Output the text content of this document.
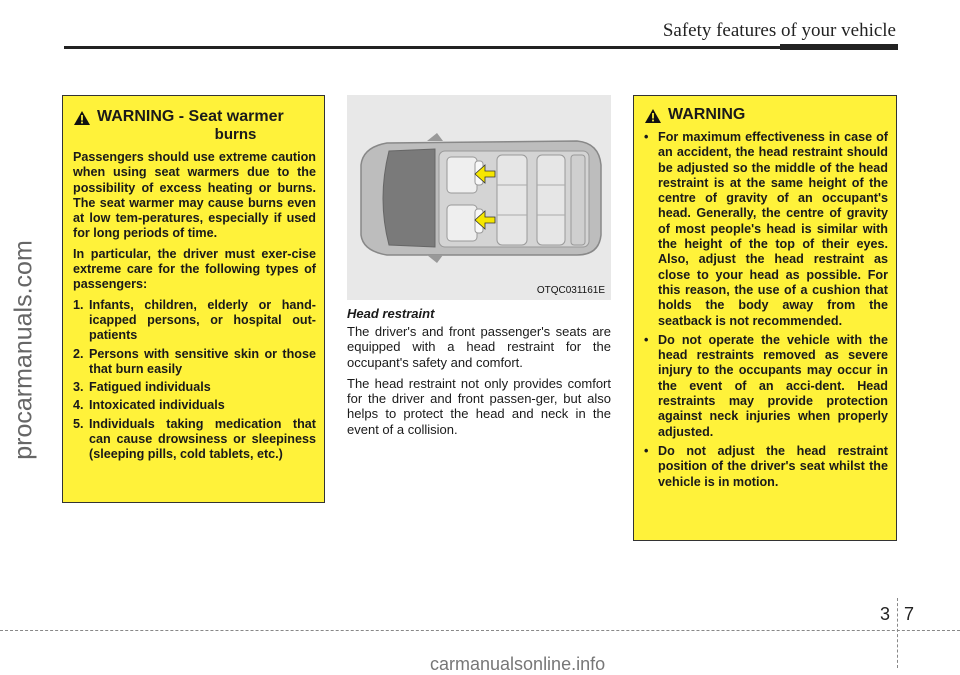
Safety features of your vehicle
procarmanuals.com
WARNING - Seat warmer
burns

Passengers should use extreme caution when using seat warmers due to the possibility of excess heating or burns. The seat warmer may cause burns even at low tem-peratures, especially if used for long periods of time.

In particular, the driver must exer-cise extreme care for the following types of passengers:

1. Infants, children, elderly or hand-icapped persons, or hospital out-patients
2. Persons with sensitive skin or those that burn easily
3. Fatigued individuals
4. Intoxicated individuals
5. Individuals taking medication that can cause drowsiness or sleepiness (sleeping pills, cold tablets, etc.)
OTQC031161E

Head restraint

The driver's and front passenger's seats are equipped with a head restraint for the occupant's safety and comfort.

The head restraint not only provides comfort for the driver and front passen-ger, but also helps to protect the head and neck in the event of a collision.

WARNING
• For maximum effectiveness in case of an accident, the head restraint should be adjusted so the middle of the head restraint is at the same height of the centre of gravity of an occupant's head. Generally, the centre of gravity of most people's head is similar with the height of the top of their eyes. Also, adjust the head restraint as close to your head as possible. For this reason, the use of a cushion that holds the body away from the seatback is not recommended.
• Do not operate the vehicle with the head restraints removed as severe injury to the occupants may occur in the event of an acci-dent. Head restraints may provide protection against neck injuries when properly adjusted.
• Do not adjust the head restraint position of the driver's seat whilst the vehicle is in motion.
3 7
carmanualsonline.info
